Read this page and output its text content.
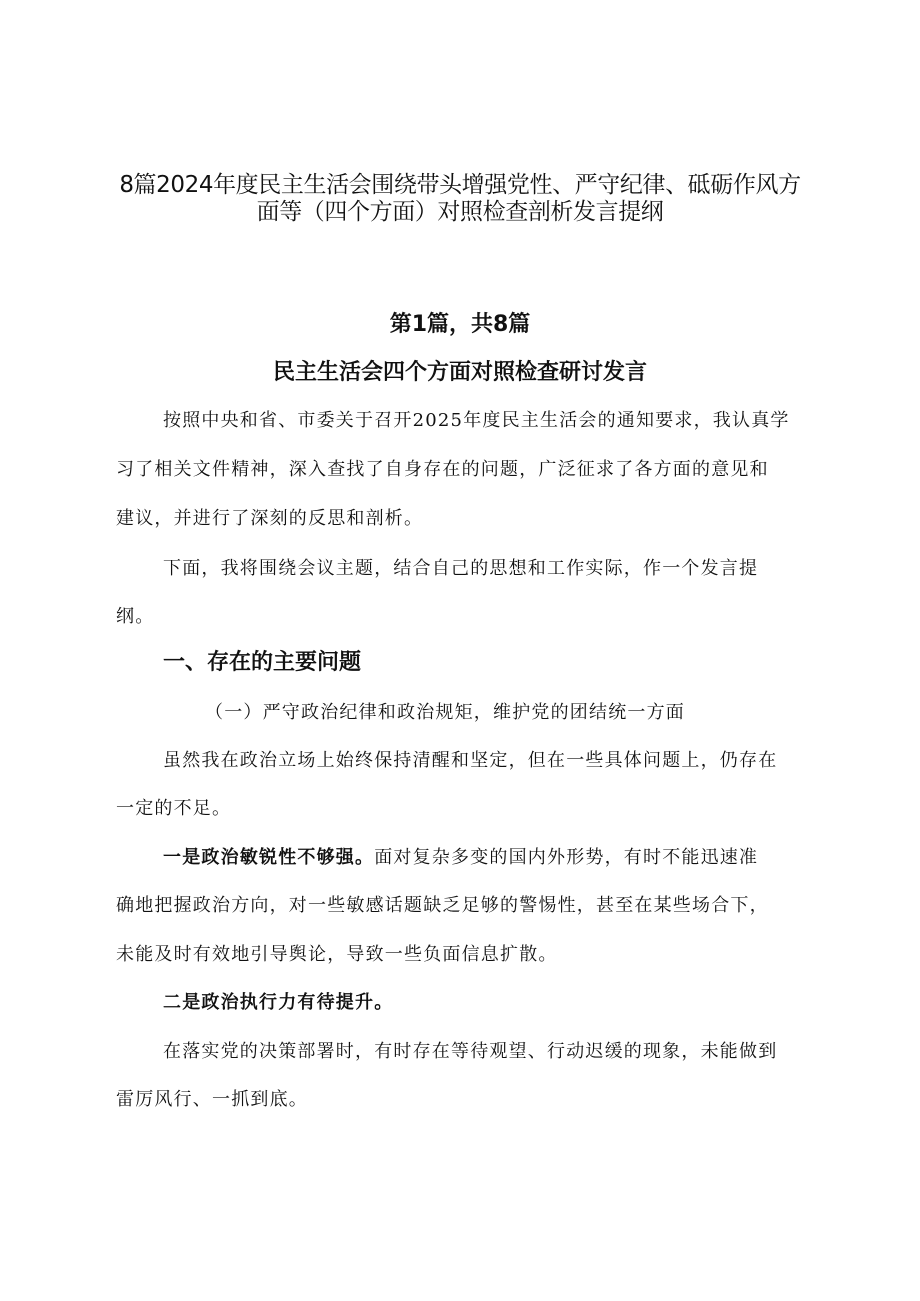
8篇2024年度民主生活会围绕带头增强党性、严守纪律、砥砺作风方
面等（四个方面）对照检查剖析发言提纲
第1篇，共8篇
民主生活会四个方面对照检查研讨发言

按照中央和省、市委关于召开2025年度民主生活会的通知要求，我认真学

习了相关文件精神，深入查找了自身存在的问题，广泛征求了各方面的意见和

建议，并进行了深刻的反思和剖析。

下面，我将围绕会议主题，结合自己的思想和工作实际，作一个发言提

纲。

一、存在的主要问题

（一）严守政治纪律和政治规矩，维护党的团结统一方面

虽然我在政治立场上始终保持清醒和坚定，但在一些具体问题上，仍存在

一定的不足。

一是政治敏锐性不够强。面对复杂多变的国内外形势，有时不能迅速准

确地把握政治方向，对一些敏感话题缺乏足够的警惕性，甚至在某些场合下，

未能及时有效地引导舆论，导致一些负面信息扩散。

二是政治执行力有待提升。

在落实党的决策部署时，有时存在等待观望、行动迟缓的现象，未能做到

雷厉风行、一抓到底。
